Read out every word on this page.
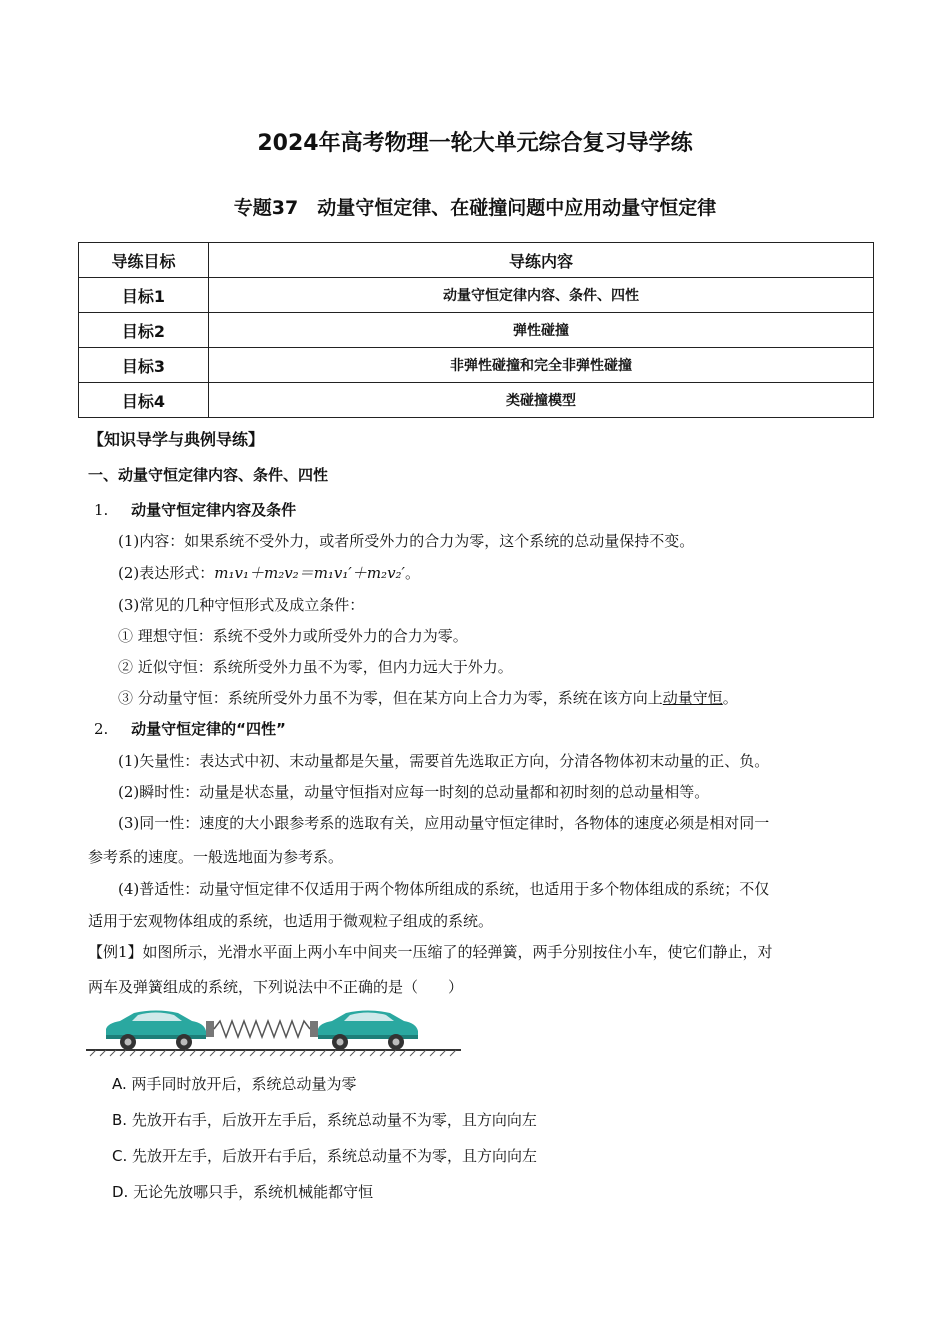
2024年高考物理一轮大单元综合复习导学练
专题37　动量守恒定律、在碰撞问题中应用动量守恒定律
导练目标	导练内容
目标1	动量守恒定律内容、条件、四性
目标2	弹性碰撞
目标3	非弹性碰撞和完全非弹性碰撞
目标4	类碰撞模型
【知识导学与典例导练】
一、动量守恒定律内容、条件、四性
1. 动量守恒定律内容及条件
(1)内容：如果系统不受外力，或者所受外力的合力为零，这个系统的总动量保持不变。
(2)表达形式：m₁v₁＋m₂v₂＝m₁v₁′＋m₂v₂′。
(3)常见的几种守恒形式及成立条件：
① 理想守恒：系统不受外力或所受外力的合力为零。
② 近似守恒：系统所受外力虽不为零，但内力远大于外力。
③ 分动量守恒：系统所受外力虽不为零，但在某方向上合力为零，系统在该方向上动量守恒。
2. 动量守恒定律的“四性”
(1)矢量性：表达式中初、末动量都是矢量，需要首先选取正方向，分清各物体初末动量的正、负。
(2)瞬时性：动量是状态量，动量守恒指对应每一时刻的总动量都和初时刻的总动量相等。
(3)同一性：速度的大小跟参考系的选取有关，应用动量守恒定律时，各物体的速度必须是相对同一
参考系的速度。一般选地面为参考系。
(4)普适性：动量守恒定律不仅适用于两个物体所组成的系统，也适用于多个物体组成的系统；不仅
适用于宏观物体组成的系统，也适用于微观粒子组成的系统。
【例1】如图所示，光滑水平面上两小车中间夹一压缩了的轻弹簧，两手分别按住小车，使它们静止，对
两车及弹簧组成的系统，下列说法中不正确的是（　　）
A. 两手同时放开后，系统总动量为零
B. 先放开右手，后放开左手后，系统总动量不为零，且方向向左
C. 先放开左手，后放开右手后，系统总动量不为零，且方向向左
D. 无论先放哪只手，系统机械能都守恒
